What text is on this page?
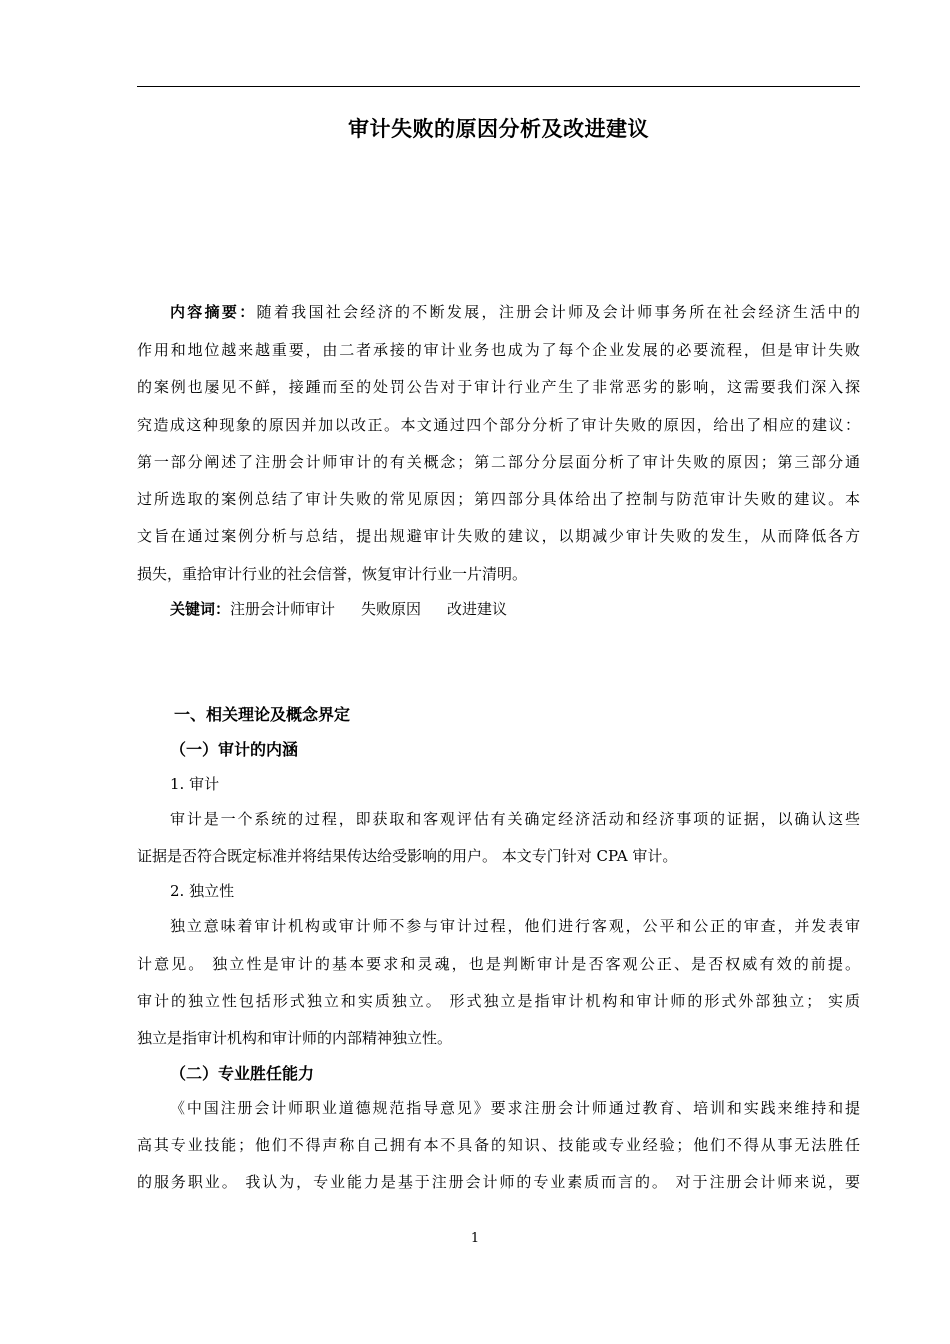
审计失败的原因分析及改进建议
内容摘要：随着我国社会经济的不断发展，注册会计师及会计师事务所在社会经济生活中的
作用和地位越来越重要，由二者承接的审计业务也成为了每个企业发展的必要流程，但是审计失败
的案例也屡见不鲜，接踵而至的处罚公告对于审计行业产生了非常恶劣的影响，这需要我们深入探
究造成这种现象的原因并加以改正。本文通过四个部分分析了审计失败的原因，给出了相应的建议：
第一部分阐述了注册会计师审计的有关概念；第二部分分层面分析了审计失败的原因；第三部分通
过所选取的案例总结了审计失败的常见原因；第四部分具体给出了控制与防范审计失败的建议。本
文旨在通过案例分析与总结，提出规避审计失败的建议，以期减少审计失败的发生，从而降低各方
损失，重拾审计行业的社会信誉，恢复审计行业一片清明。
关键词：注册会计师审计 失败原因 改进建议
一、相关理论及概念界定
（一）审计的内涵
1. 审计
审计是一个系统的过程，即获取和客观评估有关确定经济活动和经济事项的证据，以确认这些
证据是否符合既定标准并将结果传达给受影响的用户。 本文专门针对 CPA 审计。
2. 独立性
独立意味着审计机构或审计师不参与审计过程，他们进行客观，公平和公正的审查，并发表审
计意见。 独立性是审计的基本要求和灵魂，也是判断审计是否客观公正、是否权威有效的前提。
审计的独立性包括形式独立和实质独立。 形式独立是指审计机构和审计师的形式外部独立； 实质
独立是指审计机构和审计师的内部精神独立性。
（二）专业胜任能力
《中国注册会计师职业道德规范指导意见》要求注册会计师通过教育、培训和实践来维持和提
高其专业技能；他们不得声称自己拥有本不具备的知识、技能或专业经验；他们不得从事无法胜任
的服务职业。 我认为，专业能力是基于注册会计师的专业素质而言的。 对于注册会计师来说，要
1
